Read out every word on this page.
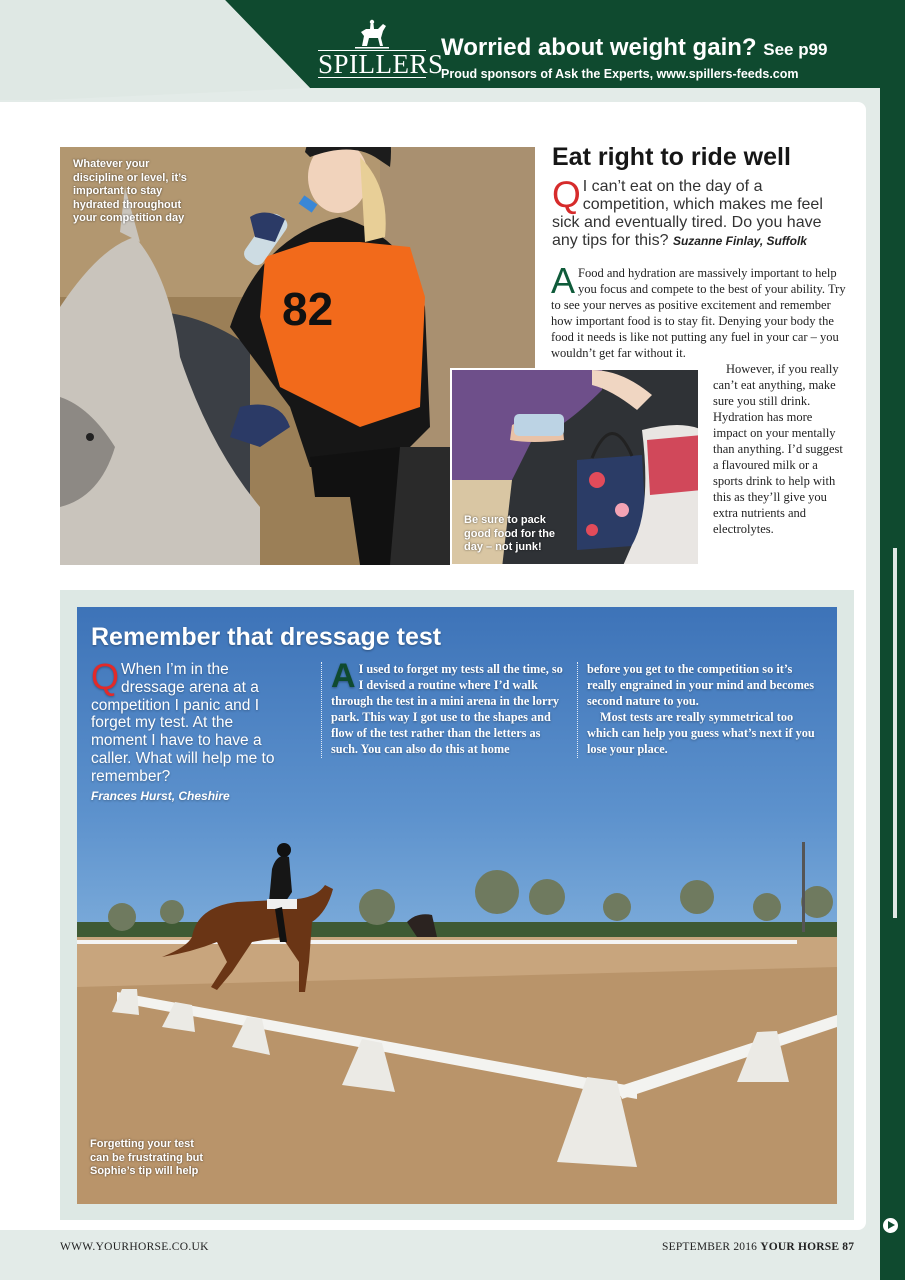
SPILLERS
Worried about weight gain? See p99
Proud sponsors of Ask the Experts, www.spillers-feeds.com
82
Whatever your discipline or level, it’s important to stay hydrated throughout your competition day
Be sure to pack good food for the day – not junk!
Eat right to ride well
Q I can’t eat on the day of a competition, which makes me feel sick and eventually tired. Do you have any tips for this? Suzanne Finlay, Suffolk
A Food and hydration are massively important to help you focus and compete to the best of your ability. Try to see your nerves as positive excitement and remember how important food is to stay fit. Denying your body the food it needs is like not putting any fuel in your car – you wouldn’t get far without it.

However, if you really can’t eat anything, make sure you still drink. Hydration has more impact on your mentally than anything. I’d suggest a flavoured milk or a sports drink to help with this as they’ll give you extra nutrients and electrolytes.

Remember that dressage test
Q When I’m in the dressage arena at a competition I panic and I forget my test. At the moment I have to have a caller. What will help me to remember?
Frances Hurst, Cheshire
A I used to forget my tests all the time, so I devised a routine where I’d walk through the test in a mini arena in the lorry park. This way I got use to the shapes and flow of the test rather than the letters as such. You can also do this at home

before you get to the competition so it’s really engrained in your mind and becomes second nature to you.

Most tests are really symmetrical too which can help you guess what’s next if you lose your place.

Forgetting your test can be frustrating but Sophie’s tip will help
WWW.YOURHORSE.CO.UK	SEPTEMBER 2016 YOUR HORSE 87
